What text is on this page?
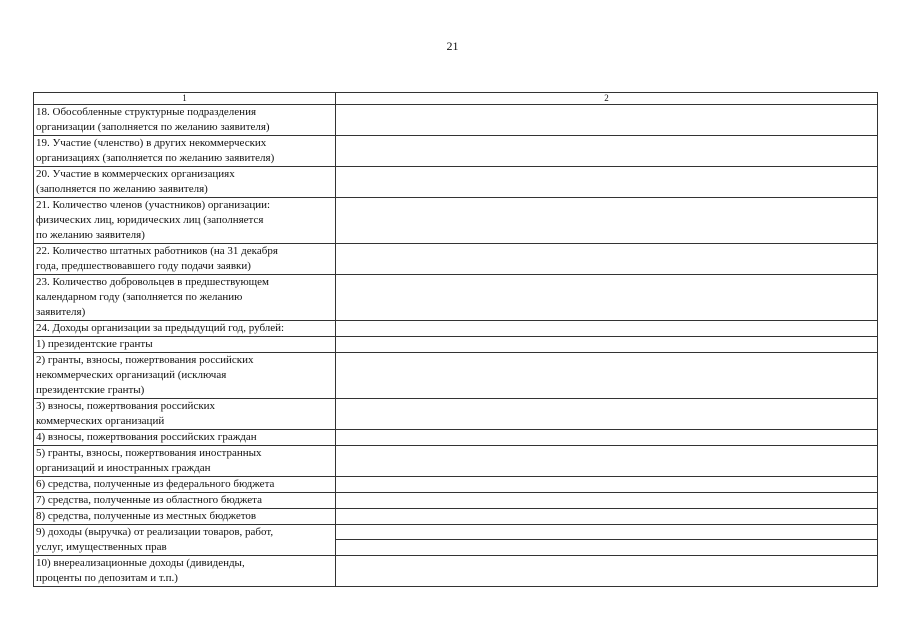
21
1	2

18. Обособленные структурные подразделения
организации (заполняется по желанию заявителя)	

19. Участие (членство) в других некоммерческих
организациях (заполняется по желанию заявителя)	

20. Участие в коммерческих организациях
(заполняется по желанию заявителя)	

21. Количество членов (участников) организации:
физических лиц, юридических лиц (заполняется
по желанию заявителя)	

22. Количество штатных работников (на 31 декабря
года, предшествовавшего году подачи заявки)	

23. Количество добровольцев в предшествующем
календарном году (заполняется по желанию
заявителя)	

24. Доходы организации за предыдущий год, рублей:	

1) президентские гранты	

2) гранты, взносы, пожертвования российских
некоммерческих организаций (исключая
президентские гранты)	

3) взносы, пожертвования российских
коммерческих организаций	

4) взносы, пожертвования российских граждан	

5) гранты, взносы, пожертвования иностранных
организаций и иностранных граждан	

6) средства, полученные из федерального бюджета	

7) средства, полученные из областного бюджета	

8) средства, полученные из местных бюджетов	

9) доходы (выручка) от реализации товаров, работ,
услуг, имущественных прав	

10) внереализационные доходы (дивиденды,
проценты по депозитам и т.п.)	
